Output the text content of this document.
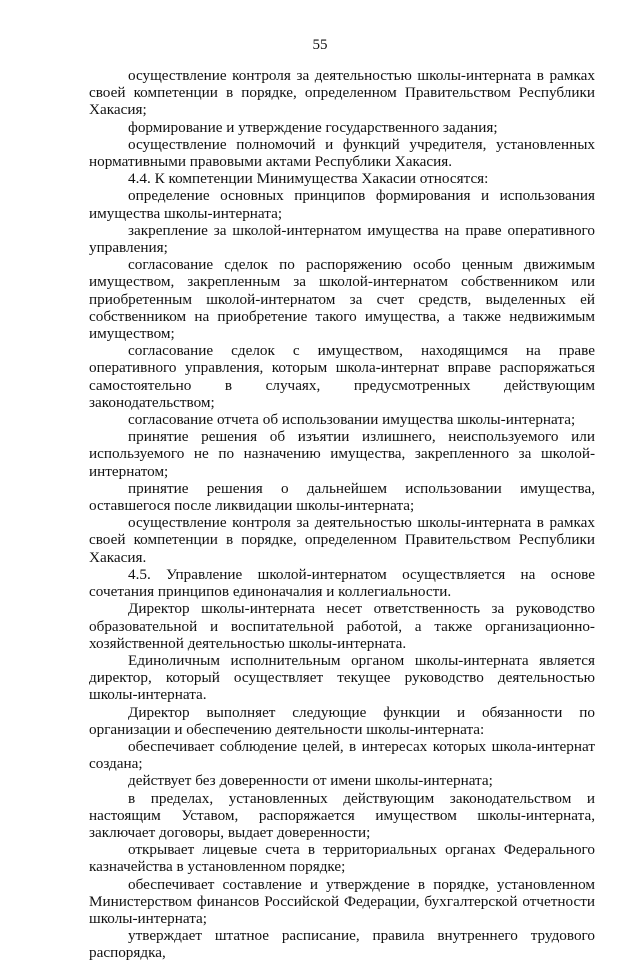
55

осуществление контроля за деятельностью школы-интерната в рамках своей компетенции в порядке, определенном Правительством Республики Хакасия;

формирование и утверждение государственного задания;

осуществление полномочий и функций учредителя, установленных нормативными правовыми актами Республики Хакасия.

4.4. К компетенции Минимущества Хакасии относятся:

определение основных принципов формирования и использования имущества школы-интерната;

закрепление за школой-интернатом имущества на праве оперативного управления;

согласование сделок по распоряжению особо ценным движимым имуществом, закрепленным за школой-интернатом собственником или приобретенным школой-интернатом за счет средств, выделенных ей собственником на приобретение такого имущества, а также недвижимым имуществом;

согласование сделок с имуществом, находящимся на праве оперативного управления, которым школа-интернат вправе распоряжаться самостоятельно в случаях, предусмотренных действующим законодательством;

согласование отчета об использовании имущества школы-интерната;

принятие решения об изъятии излишнего, неиспользуемого или используемого не по назначению имущества, закрепленного за школой-интернатом;

принятие решения о дальнейшем использовании имущества, оставшегося после ликвидации школы-интерната;

осуществление контроля за деятельностью школы-интерната в рамках своей компетенции в порядке, определенном Правительством Республики Хакасия.

4.5. Управление школой-интернатом осуществляется на основе сочетания принципов единоначалия и коллегиальности.

Директор школы-интерната несет ответственность за руководство образовательной и воспитательной работой, а также организационно-хозяйственной деятельностью школы-интерната.

Единоличным исполнительным органом школы-интерната является директор, который осуществляет текущее руководство деятельностью школы-интерната.

Директор выполняет следующие функции и обязанности по организации и обеспечению деятельности школы-интерната:

обеспечивает соблюдение целей, в интересах которых школа-интернат создана;

действует без доверенности от имени школы-интерната;

в пределах, установленных действующим законодательством и настоящим Уставом, распоряжается имуществом школы-интерната, заключает договоры, выдает доверенности;

открывает лицевые счета в территориальных органах Федерального казначейства в установленном порядке;

обеспечивает составление и утверждение в порядке, установленном Министерством финансов Российской Федерации, бухгалтерской отчетности школы-интерната;

утверждает штатное расписание, правила внутреннего трудового распорядка,
